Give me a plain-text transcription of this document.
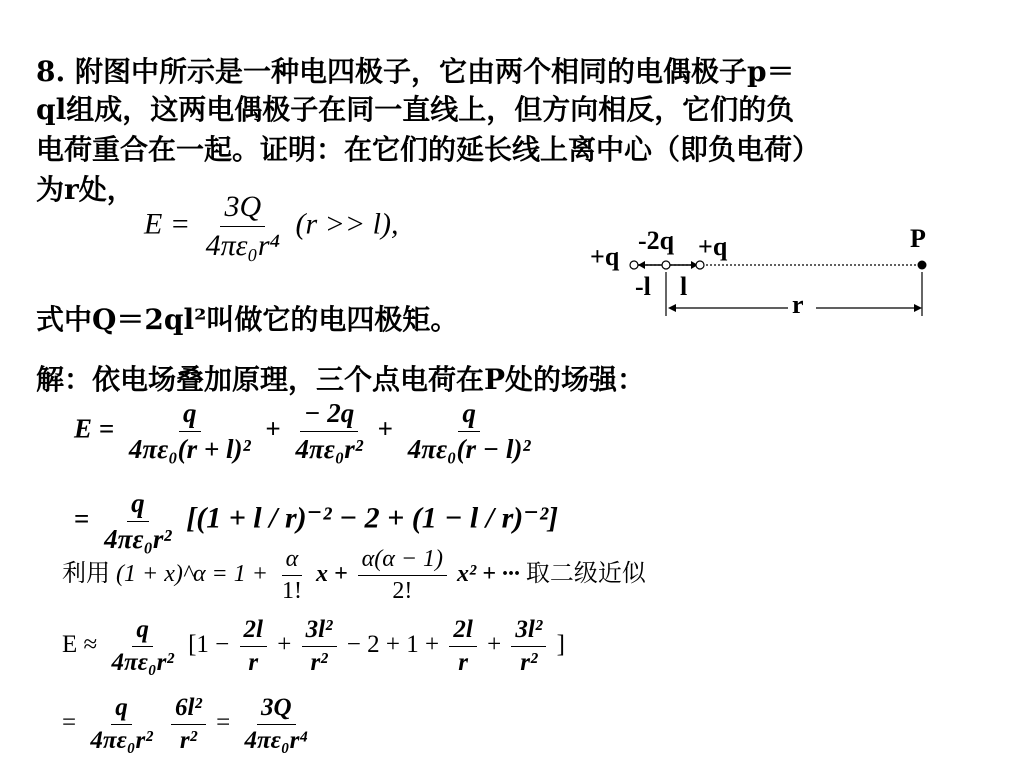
8. 附图中所示是一种电四极子，它由两个相同的电偶极子p＝
ql组成，这两电偶极子在同一直线上，但方向相反，它们的负
电荷重合在一起。证明：在它们的延长线上离中心（即负电荷）
为r处，
$E = \frac{3Q}{\text{4πε₀r⁴}} (r >> l)$,
+q
-2q +q	P
-l l
r
式中Q＝2ql²叫做它的电四极矩。
解：依电场叠加原理，三个点电荷在P处的场强：
$E = \frac{q}{\text{4πε₀(r + l)²}} + \frac{- 2q}{\text{4πε₀r²}} + \frac{q}{\text{4πε₀(r − l)²}}$
= $\frac{q}{\text{4πε₀r²}} [(1 + l / r)^{-2} - 2 + (1 - l / r)^{-2}]$
利用 (1 + x)^α = $1 + \frac{\alpha}{1!}$ $x + \frac{\alpha(\alpha - 1)}{2!} x^2$ + ··· 取二级近似
$E \approx \frac{q}{\text{4πε₀r²}} [1 - \frac{2l}{r} + \frac{\text{3l²}}{\text{r²}} - 2 + 1 + \frac{2l}{r} + \frac{\text{3l²}}{\text{r²}}$ ]
= $\frac{q}{\text{4πε₀r²}}$
$\frac{\text{6l²}}{\text{r²}} = \frac{3Q}{\text{4πε₀r⁴}}$
